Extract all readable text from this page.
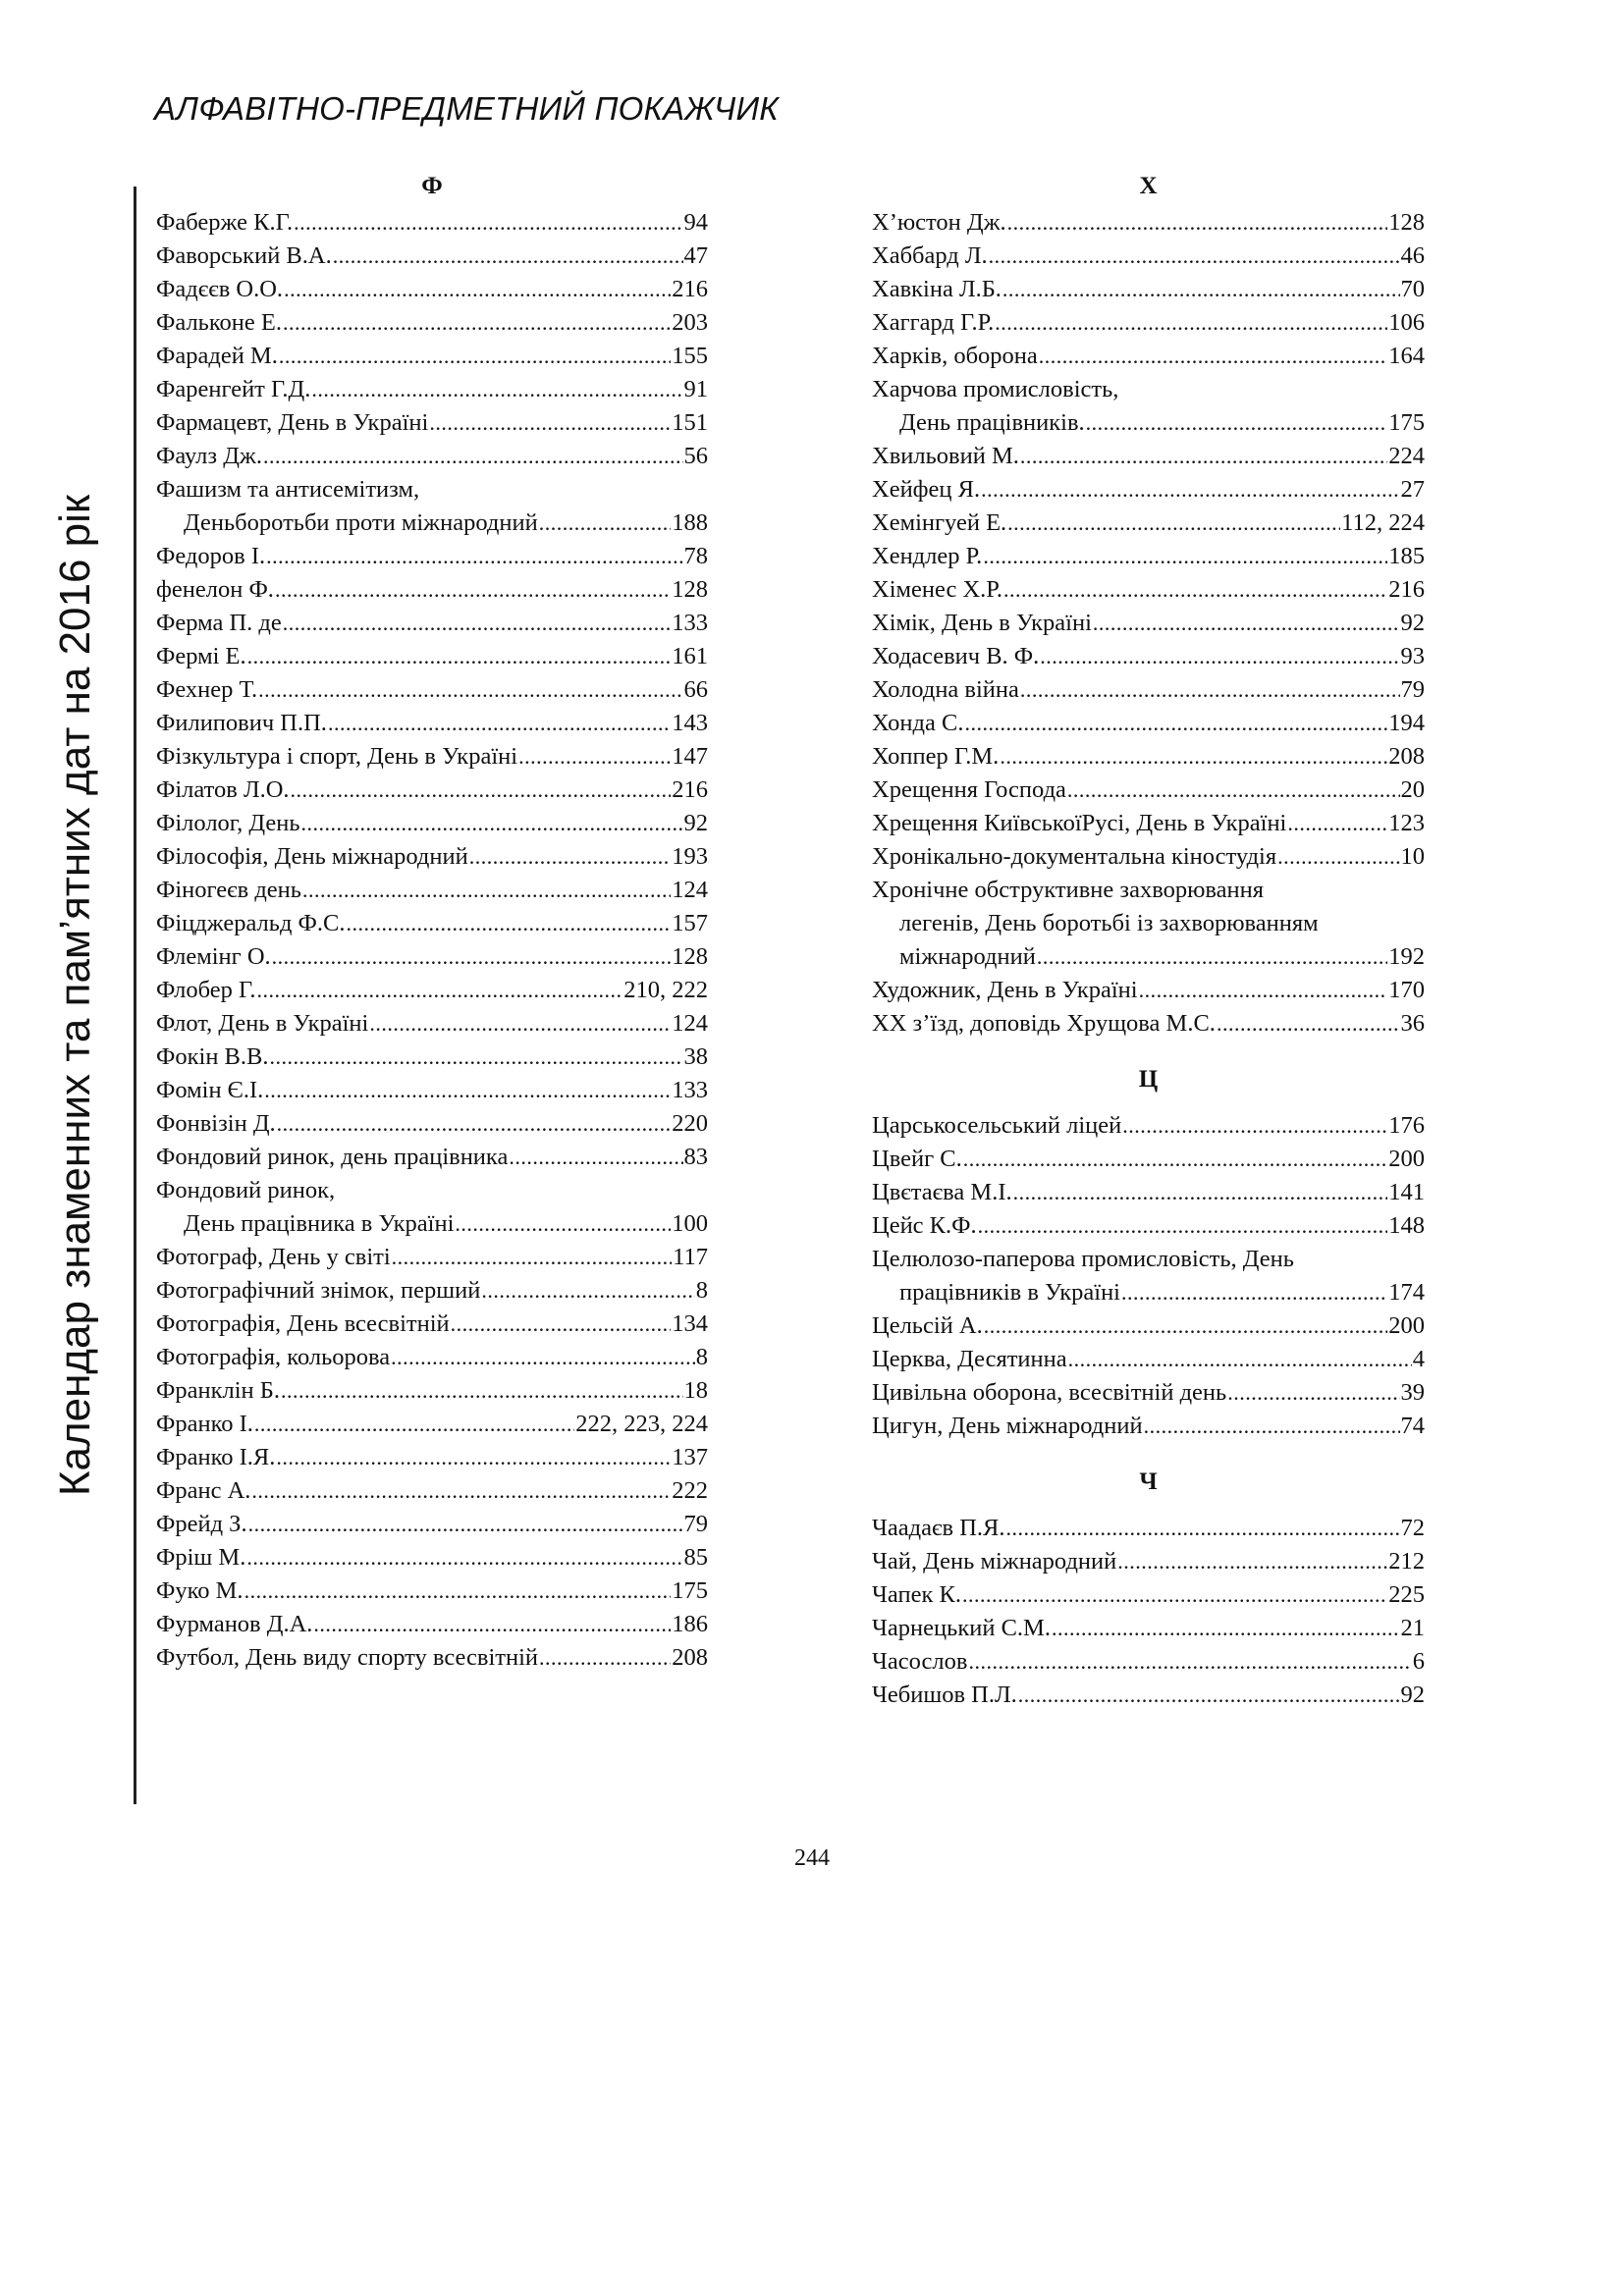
АЛФАВІТНО-ПРЕДМЕТНИЙ ПОКАЖЧИК
Календар знаменних та пам’ятних дат на 2016 рік
Ф
Фаберже К.Г. .....	94
Фаворський В.А. .....	47
Фадєєв О.О. .....	216
Фальконе Е. .....	203
Фарадей М. .....	155
Фаренгейт Г.Д. .....	91
Фармацевт, День в Україні .....	151
Фаулз Дж. .....	56
Фашизм та антисемітизм,
Деньборотьби проти міжнародний .....	188
Федоров І. .....	78
фенелон Ф. .....	128
Ферма П. де .....	133
Фермі Е. .....	161
Фехнер Т. .....	66
Филипович П.П. .....	143
Фізкультура і спорт, День в Україні .....	147
Філатов Л.О. .....	216
Філолог, День .....	92
Філософія, День міжнародний .....	193
Фіногеєв день .....	124
Фіцджеральд Ф.С. .....	157
Флемінг О. .....	128
Флобер Г. .....	210, 222
Флот, День в Україні .....	124
Фокін В.В. .....	38
Фомін Є.І. .....	133
Фонвізін Д. .....	220
Фондовий ринок, день працівника .....	83
Фондовий ринок,
День працівника в Україні .....	100
Фотограф, День у світі .....	117
Фотографічний знімок, перший .....	8
Фотографія, День всесвітній .....	134
Фотографія, кольорова .....	8
Франклін Б. .....	18
Франко І. .....	222, 223, 224
Франко І.Я. .....	137
Франс А. .....	222
Фрейд З. .....	79
Фріш М. .....	85
Фуко М. .....	175
Фурманов Д.А. .....	186
Футбол, День виду спорту всесвітній .....	208
Х
Х’юстон Дж. .....	128
Хаббард Л. .....	46
Хавкіна Л.Б. .....	70
Хаггард Г.Р. .....	106
Харків, оборона .....	164
Харчова промисловість,
День працівників. .....	175
Хвильовий М. .....	224
Хейфец Я. .....	27
Хемінгуей Е. .....	112, 224
Хендлер Р. .....	185
Хіменес Х.Р. .....	216
Хімік, День в Україні .....	92
Ходасевич В. Ф. .....	93
Холодна війна .....	79
Хонда С. .....	194
Хоппер Г.М. .....	208
Хрещення Господа .....	20
Хрещення КиївськоїРусі, День в Україні .....	123
Хронікально-документальна кіностудія .....	10
Хронічне обструктивне захворювання
легенів, День боротьбі із захворюванням
міжнародний .....	192
Художник, День в Україні .....	170
ХХ з’їзд, доповідь Хрущова М.С. .....	36
Ц
Царськосельський ліцей .....	176
Цвейг С. .....	200
Цвєтаєва М.І. .....	141
Цейс К.Ф. .....	148
Целюлозо-паперова промисловість, День
працівників в Україні .....	174
Цельсій А. .....	200
Церква, Десятинна .....	4
Цивільна оборона, всесвітній день .....	39
Цигун, День міжнародний .....	74
Ч
Чаадаєв П.Я. .....	72
Чай, День міжнародний .....	212
Чапек К. .....	225
Чарнецький С.М. .....	21
Часослов .....	6
Чебишов П.Л. .....	92
244
